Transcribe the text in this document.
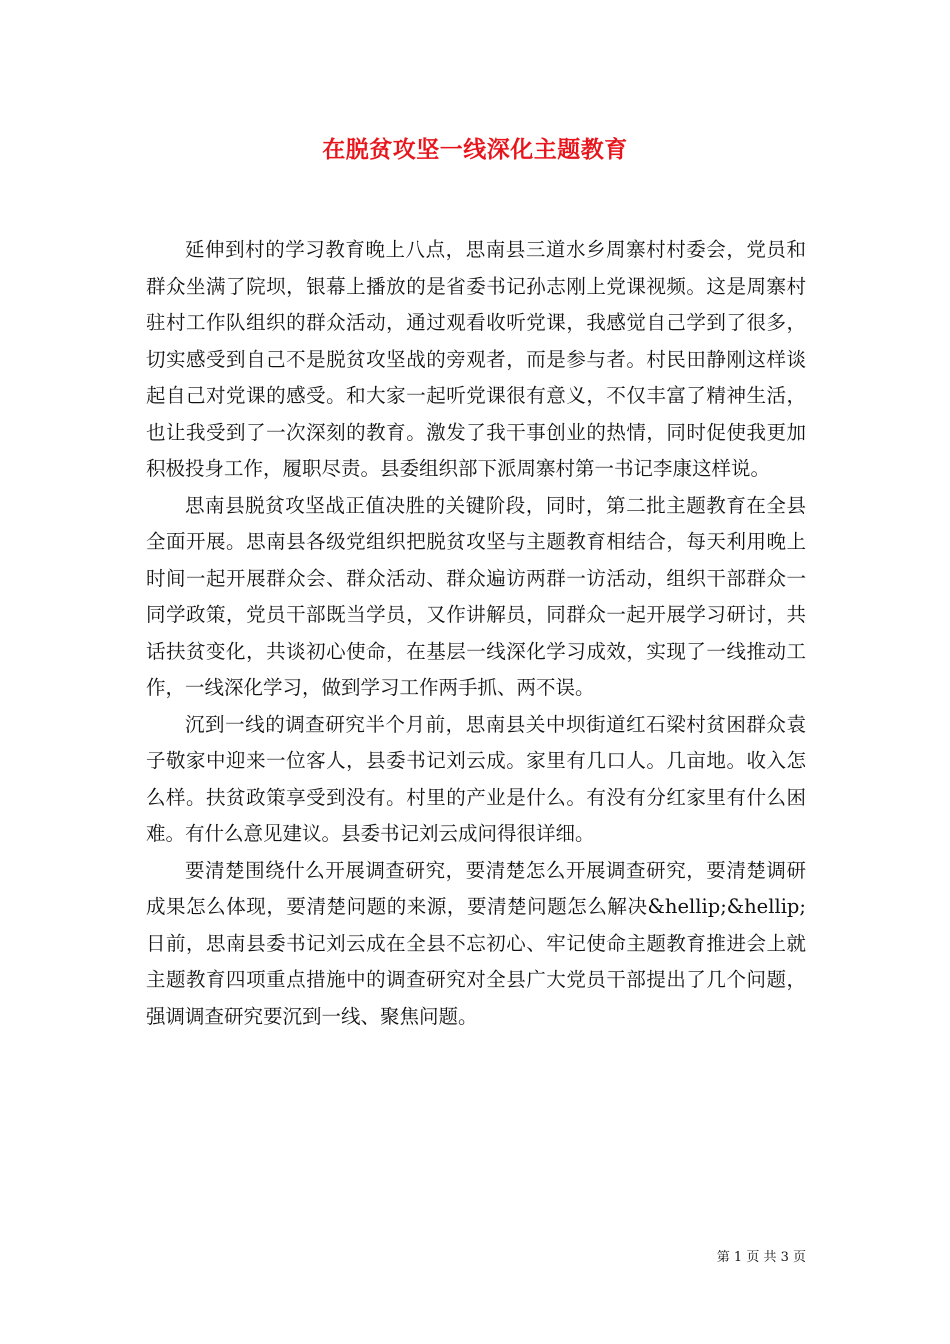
在脱贫攻坚一线深化主题教育

延伸到村的学习教育晚上八点，思南县三道水乡周寨村村委会，党员和群众坐满了院坝，银幕上播放的是省委书记孙志刚上党课视频。这是周寨村驻村工作队组织的群众活动，通过观看收听党课，我感觉自己学到了很多，切实感受到自己不是脱贫攻坚战的旁观者，而是参与者。村民田静刚这样谈起自己对党课的感受。和大家一起听党课很有意义，不仅丰富了精神生活，也让我受到了一次深刻的教育。激发了我干事创业的热情，同时促使我更加积极投身工作，履职尽责。县委组织部下派周寨村第一书记李康这样说。

思南县脱贫攻坚战正值决胜的关键阶段，同时，第二批主题教育在全县全面开展。思南县各级党组织把脱贫攻坚与主题教育相结合，每天利用晚上时间一起开展群众会、群众活动、群众遍访两群一访活动，组织干部群众一同学政策，党员干部既当学员，又作讲解员，同群众一起开展学习研讨，共话扶贫变化，共谈初心使命，在基层一线深化学习成效，实现了一线推动工作，一线深化学习，做到学习工作两手抓、两不误。

沉到一线的调查研究半个月前，思南县关中坝街道红石梁村贫困群众袁子敬家中迎来一位客人，县委书记刘云成。家里有几口人。几亩地。收入怎么样。扶贫政策享受到没有。村里的产业是什么。有没有分红家里有什么困难。有什么意见建议。县委书记刘云成问得很详细。

要清楚围绕什么开展调查研究，要清楚怎么开展调查研究，要清楚调研成果怎么体现，要清楚问题的来源，要清楚问题怎么解决&hellip;&hellip;日前，思南县委书记刘云成在全县不忘初心、牢记使命主题教育推进会上就主题教育四项重点措施中的调查研究对全县广大党员干部提出了几个问题，强调调查研究要沉到一线、聚焦问题。

第 1 页 共 3 页
